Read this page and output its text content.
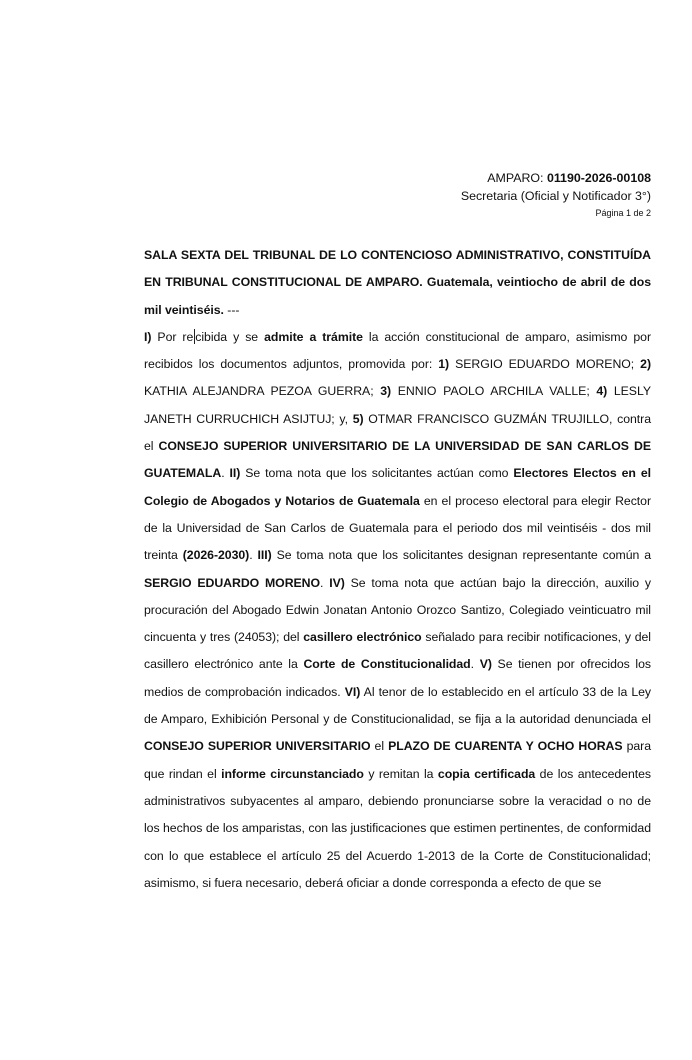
AMPARO: 01190-2026-00108
Secretaria (Oficial y Notificador 3°)
Página 1 de 2

SALA SEXTA DEL TRIBUNAL DE LO CONTENCIOSO ADMINISTRATIVO, CONSTITUÍDA EN TRIBUNAL CONSTITUCIONAL DE AMPARO. Guatemala, veintiocho de abril de dos mil veintiséis. ---

I) Por re cibida y se admite a trámite la acción constitucional de amparo, asimismo por recibidos los documentos adjuntos, promovida por: 1) SERGIO EDUARDO MORENO; 2) KATHIA ALEJANDRA PEZOA GUERRA; 3) ENNIO PAOLO ARCHILA VALLE; 4) LESLY JANETH CURRUCHICH ASIJTUJ; y, 5) OTMAR FRANCISCO GUZMÁN TRUJILLO, contra el CONSEJO SUPERIOR UNIVERSITARIO DE LA UNIVERSIDAD DE SAN CARLOS DE GUATEMALA. II) Se toma nota que los solicitantes actúan como Electores Electos en el Colegio de Abogados y Notarios de Guatemala en el proceso electoral para elegir Rector de la Universidad de San Carlos de Guatemala para el periodo dos mil veintiséis - dos mil treinta (2026-2030). III) Se toma nota que los solicitantes designan representante común a SERGIO EDUARDO MORENO. IV) Se toma nota que actúan bajo la dirección, auxilio y procuración del Abogado Edwin Jonatan Antonio Orozco Santizo, Colegiado veinticuatro mil cincuenta y tres (24053); del casillero electrónico señalado para recibir notificaciones, y del casillero electrónico ante la Corte de Constitucionalidad. V) Se tienen por ofrecidos los medios de comprobación indicados. VI) Al tenor de lo establecido en el artículo 33 de la Ley de Amparo, Exhibición Personal y de Constitucionalidad, se fija a la autoridad denunciada el CONSEJO SUPERIOR UNIVERSITARIO el PLAZO DE CUARENTA Y OCHO HORAS para que rindan el informe circunstanciado y remitan la copia certificada de los antecedentes administrativos subyacentes al amparo, debiendo pronunciarse sobre la veracidad o no de los hechos de los amparistas, con las justificaciones que estimen pertinentes, de conformidad con lo que establece el artículo 25 del Acuerdo 1-2013 de la Corte de Constitucionalidad; asimismo, si fuera necesario, deberá oficiar a donde corresponda a efecto de que se
